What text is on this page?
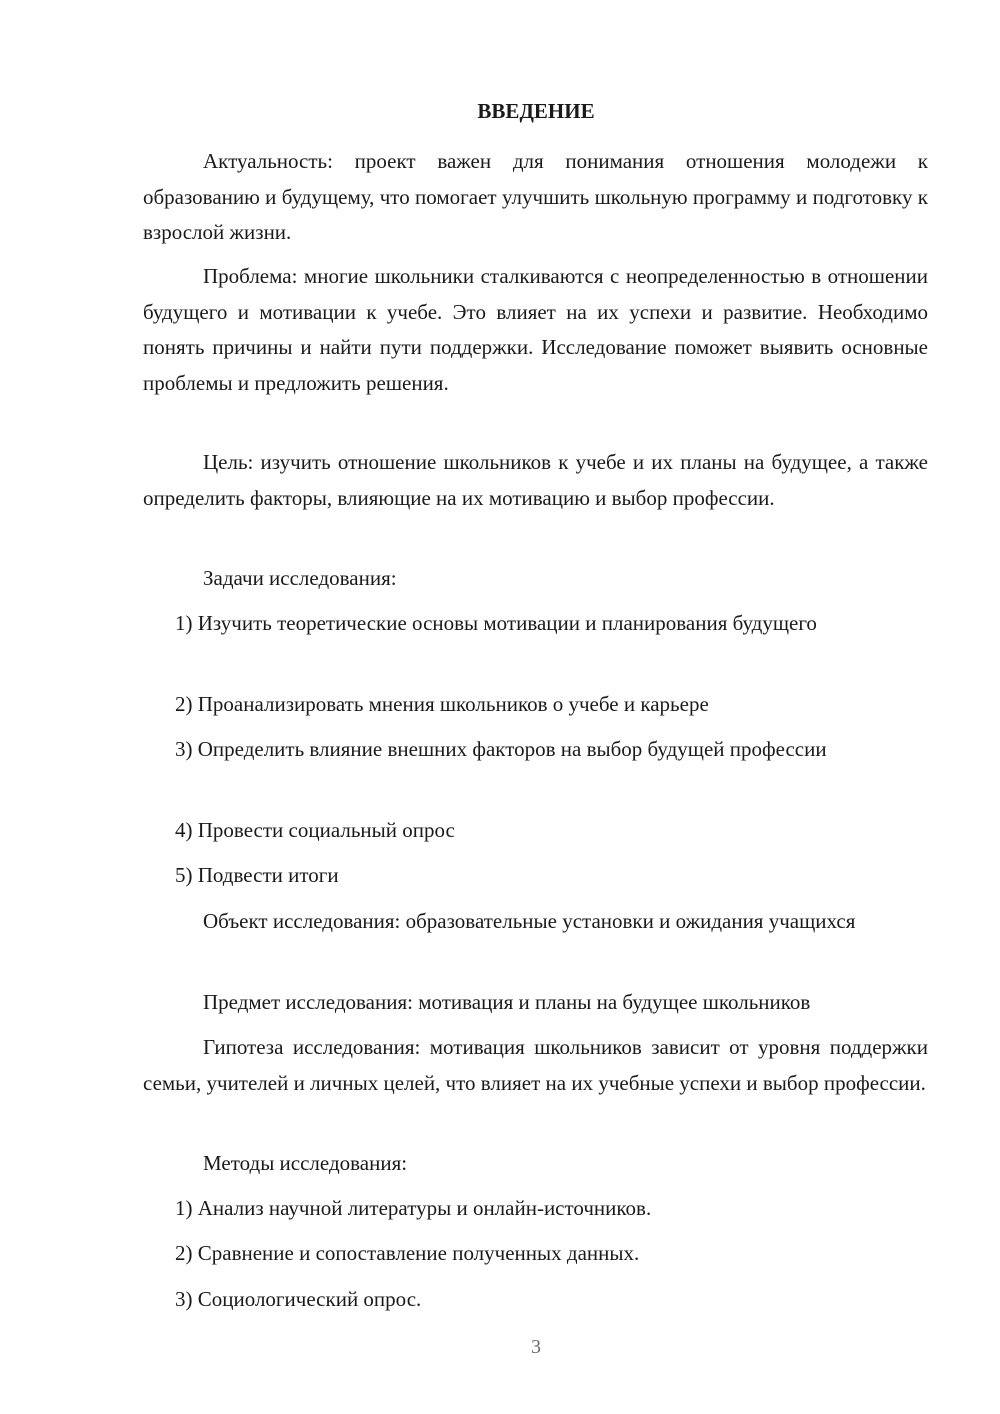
ВВЕДЕНИЕ

Актуальность: проект важен для понимания отношения молодежи к образованию и будущему, что помогает улучшить школьную программу и подготовку к взрослой жизни.

Проблема: многие школьники сталкиваются с неопределенностью в отношении будущего и мотивации к учебе. Это влияет на их успехи и развитие. Необходимо понять причины и найти пути поддержки. Исследование поможет выявить основные проблемы и предложить решения.

Цель: изучить отношение школьников к учебе и их планы на будущее, а также определить факторы, влияющие на их мотивацию и выбор профессии.

Задачи исследования:

1) Изучить теоретические основы мотивации и планирования будущего

2) Проанализировать мнения школьников о учебе и карьере

3) Определить влияние внешних факторов на выбор будущей профессии

4) Провести социальный опрос

5) Подвести итоги

Объект исследования: образовательные установки и ожидания учащихся

Предмет исследования: мотивация и планы на будущее школьников

Гипотеза исследования: мотивация школьников зависит от уровня поддержки семьи, учителей и личных целей, что влияет на их учебные успехи и выбор профессии.

Методы исследования:

1) Анализ научной литературы и онлайн-источников.

2) Сравнение и сопоставление полученных данных.

3) Социологический опрос.

3
